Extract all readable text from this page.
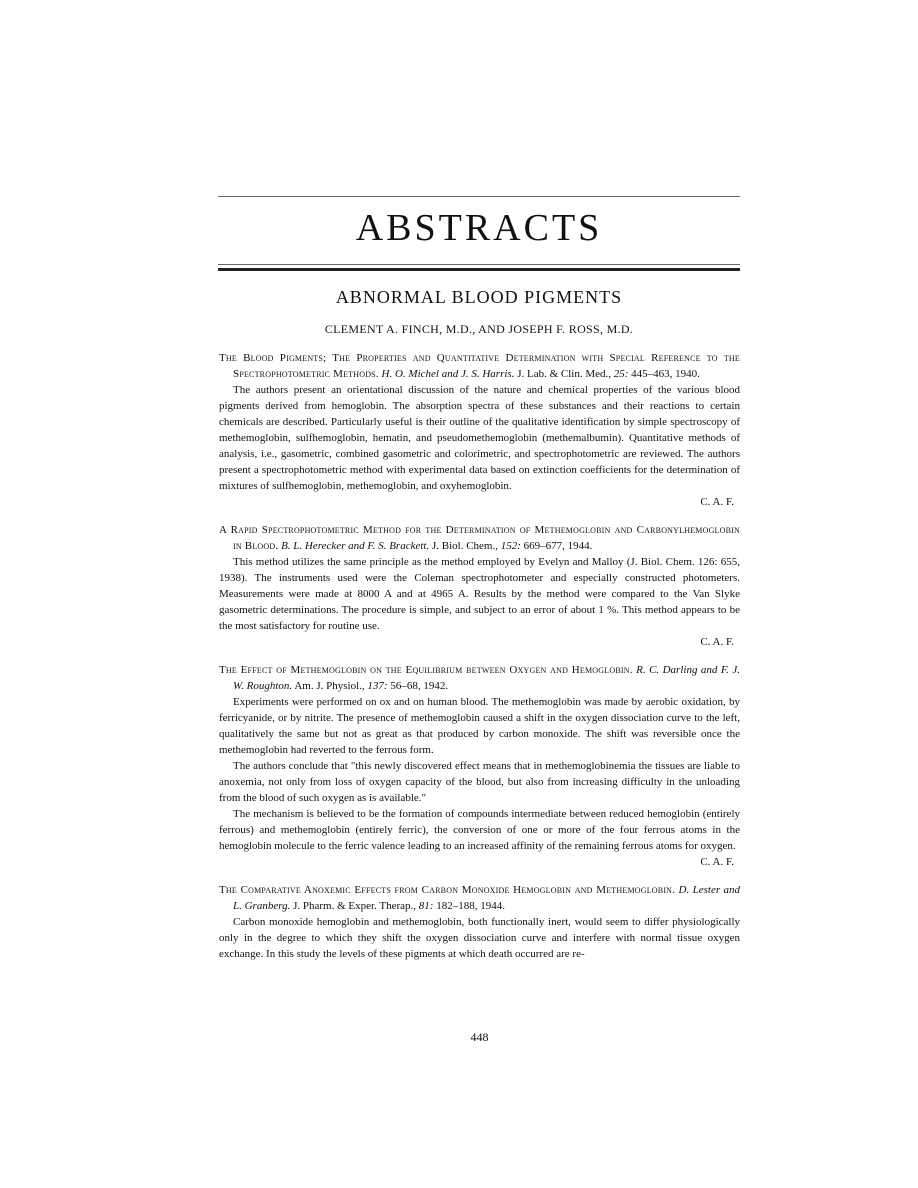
ABSTRACTS
ABNORMAL BLOOD PIGMENTS

CLEMENT A. FINCH, M.D., AND JOSEPH F. ROSS, M.D.

The Blood Pigments; The Properties and Quantitative Determination with Special Reference to the Spectrophotometric Methods. H. O. Michel and J. S. Harris. J. Lab. & Clin. Med., 25: 445–463, 1940.

The authors present an orientational discussion of the nature and chemical properties of the various blood pigments derived from hemoglobin. The absorption spectra of these substances and their reactions to certain chemicals are described. Particularly useful is their outline of the qualitative identification by simple spectroscopy of methemoglobin, sulfhemoglobin, hematin, and pseudomethemoglobin (methemalbumin). Quantitative methods of analysis, i.e., gasometric, combined gasometric and colorimetric, and spectrophotometric are reviewed. The authors present a spectrophotometric method with experimental data based on extinction coefficients for the determination of mixtures of sulfhemoglobin, methemoglobin, and oxyhemoglobin.

C. A. F.

A Rapid Spectrophotometric Method for the Determination of Methemoglobin and Carbonylhemoglobin in Blood. B. L. Herecker and F. S. Brackett. J. Biol. Chem., 152: 669–677, 1944.

This method utilizes the same principle as the method employed by Evelyn and Malloy (J. Biol. Chem. 126: 655, 1938). The instruments used were the Coleman spectrophotometer and especially constructed photometers. Measurements were made at 8000 A and at 4965 A. Results by the method were compared to the Van Slyke gasometric determinations. The procedure is simple, and subject to an error of about 1 %. This method appears to be the most satisfactory for routine use.

C. A. F.

The Effect of Methemoglobin on the Equilibrium between Oxygen and Hemoglobin. R. C. Darling and F. J. W. Roughton. Am. J. Physiol., 137: 56–68, 1942.

Experiments were performed on ox and on human blood. The methemoglobin was made by aerobic oxidation, by ferricyanide, or by nitrite. The presence of methemoglobin caused a shift in the oxygen dissociation curve to the left, qualitatively the same but not as great as that produced by carbon monoxide. The shift was reversible once the methemoglobin had reverted to the ferrous form.

The authors conclude that "this newly discovered effect means that in methemoglobinemia the tissues are liable to anoxemia, not only from loss of oxygen capacity of the blood, but also from increasing difficulty in the unloading from the blood of such oxygen as is available."

The mechanism is believed to be the formation of compounds intermediate between reduced hemoglobin (entirely ferrous) and methemoglobin (entirely ferric), the conversion of one or more of the four ferrous atoms in the hemoglobin molecule to the ferric valence leading to an increased affinity of the remaining ferrous atoms for oxygen.

C. A. F.

The Comparative Anoxemic Effects from Carbon Monoxide Hemoglobin and Methemoglobin. D. Lester and L. Granberg. J. Pharm. & Exper. Therap., 81: 182–188, 1944.

Carbon monoxide hemoglobin and methemoglobin, both functionally inert, would seem to differ physiologically only in the degree to which they shift the oxygen dissociation curve and interfere with normal tissue oxygen exchange. In this study the levels of these pigments at which death occurred are re-

448
